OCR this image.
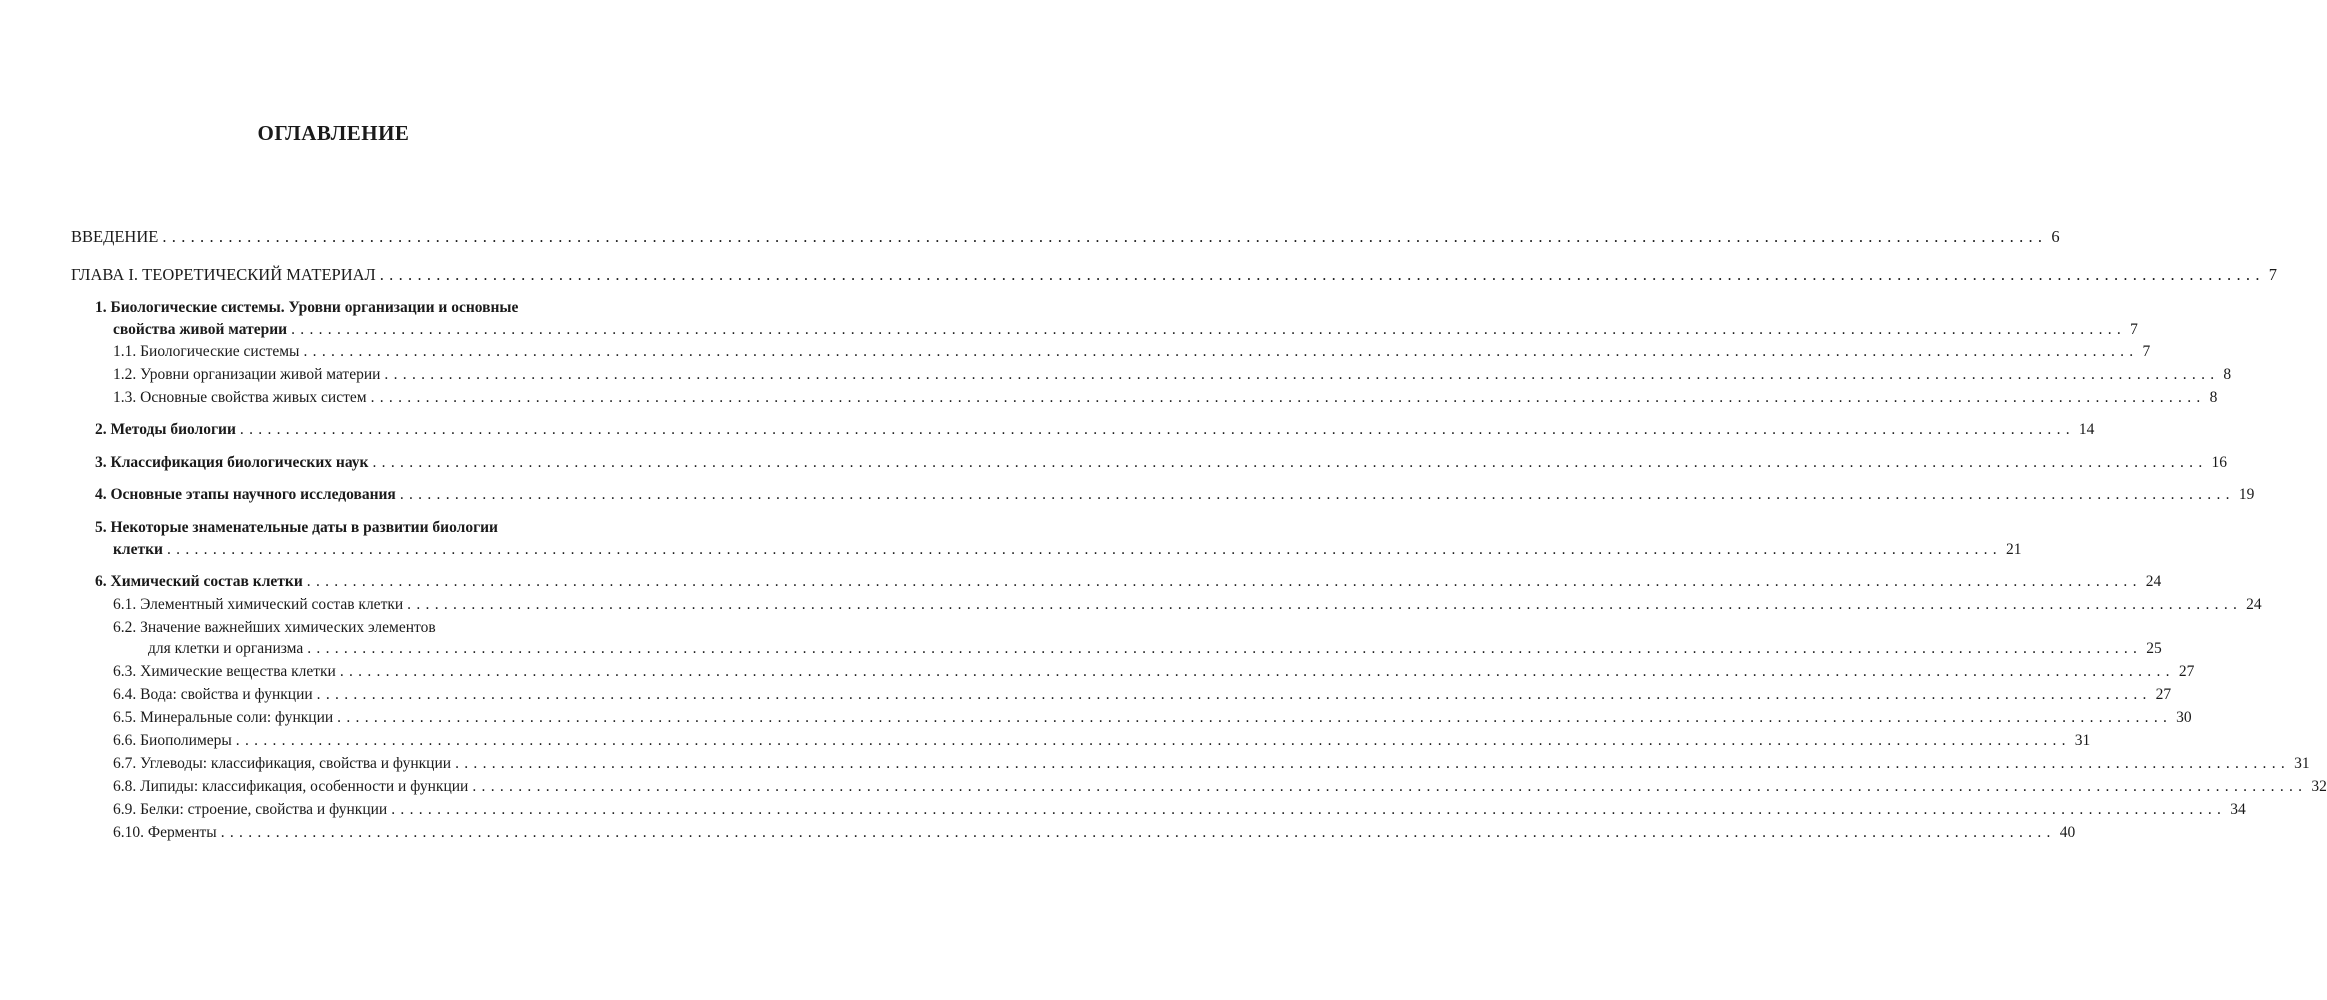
ОГЛАВЛЕНИЕ
ВВЕДЕНИЕ ........................................................................................................................................................................................................ 6
ГЛАВА I. ТЕОРЕТИЧЕСКИЙ МАТЕРИАЛ ........................................................................................................................................................................................................ 7
1. Биологические системы. Уровни организации и основные
свойства живой материи ........................................................................................................................................................................................................ 7
1.1. Биологические системы ........................................................................................................................................................................................................ 7
1.2. Уровни организации живой материи ........................................................................................................................................................................................................ 8
1.3. Основные свойства живых систем ........................................................................................................................................................................................................ 8
2. Методы биологии ........................................................................................................................................................................................................ 14
3. Классификация биологических наук ........................................................................................................................................................................................................ 16
4. Основные этапы научного исследования ........................................................................................................................................................................................................ 19
5. Некоторые знаменательные даты в развитии биологии
клетки ........................................................................................................................................................................................................ 21
6. Химический состав клетки ........................................................................................................................................................................................................ 24
6.1. Элементный химический состав клетки ........................................................................................................................................................................................................ 24
6.2. Значение важнейших химических элементов
для клетки и организма ........................................................................................................................................................................................................ 25
6.3. Химические вещества клетки ........................................................................................................................................................................................................ 27
6.4. Вода: свойства и функции ........................................................................................................................................................................................................ 27
6.5. Минеральные соли: функции ........................................................................................................................................................................................................ 30
6.6. Биополимеры ........................................................................................................................................................................................................ 31
6.7. Углеводы: классификация, свойства и функции ........................................................................................................................................................................................................ 31
6.8. Липиды: классификация, особенности и функции ........................................................................................................................................................................................................ 32
6.9. Белки: строение, свойства и функции ........................................................................................................................................................................................................ 34
6.10. Ферменты ........................................................................................................................................................................................................ 40
